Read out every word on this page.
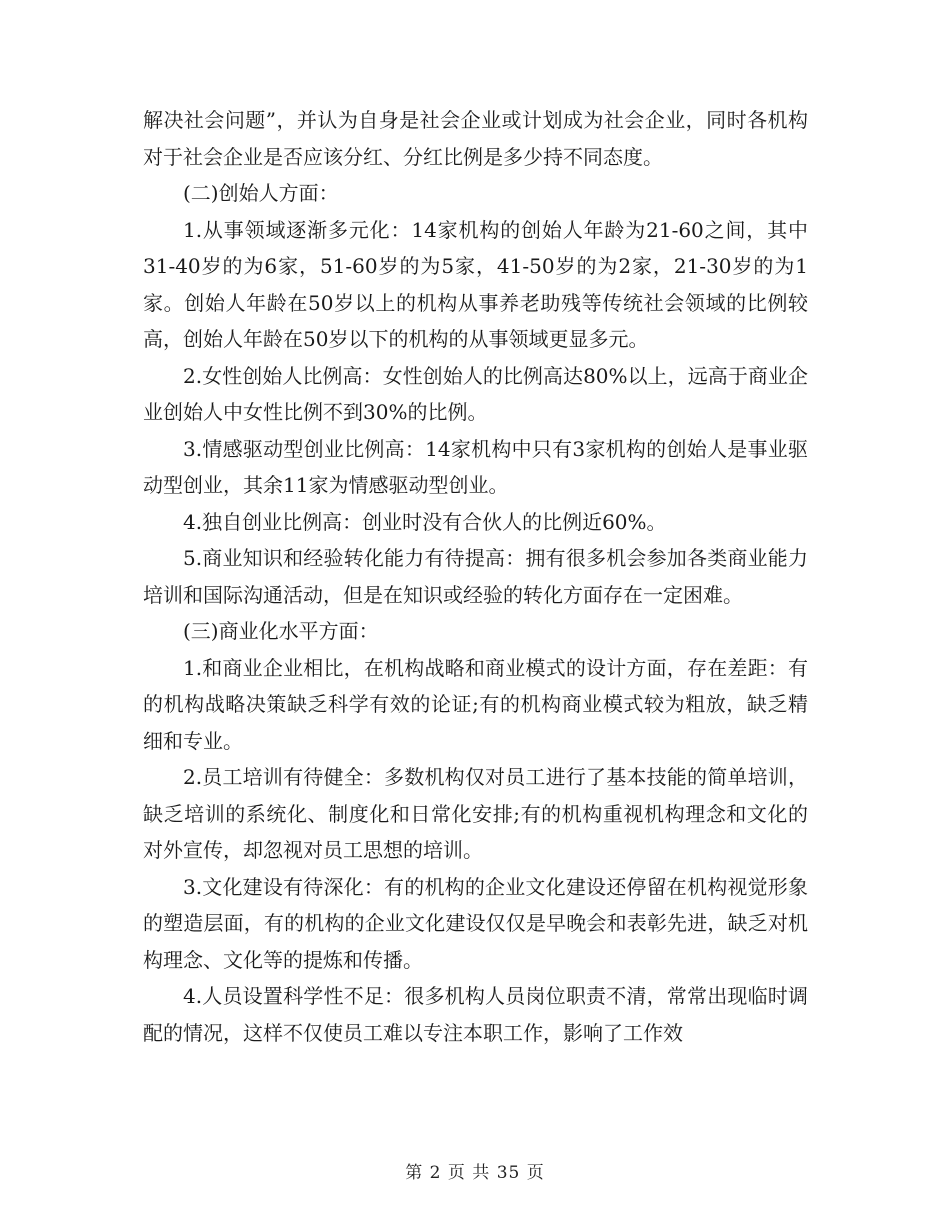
解决社会问题”，并认为自身是社会企业或计划成为社会企业，同时各机构对于社会企业是否应该分红、分红比例是多少持不同态度。

(二)创始人方面：

1.从事领域逐渐多元化：14家机构的创始人年龄为21-60之间，其中31-40岁的为6家，51-60岁的为5家，41-50岁的为2家，21-30岁的为1家。创始人年龄在50岁以上的机构从事养老助残等传统社会领域的比例较高，创始人年龄在50岁以下的机构的从事领域更显多元。

2.女性创始人比例高：女性创始人的比例高达80%以上，远高于商业企业创始人中女性比例不到30%的比例。

3.情感驱动型创业比例高：14家机构中只有3家机构的创始人是事业驱动型创业，其余11家为情感驱动型创业。

4.独自创业比例高：创业时没有合伙人的比例近60%。

5.商业知识和经验转化能力有待提高：拥有很多机会参加各类商业能力培训和国际沟通活动，但是在知识或经验的转化方面存在一定困难。

(三)商业化水平方面：

1.和商业企业相比，在机构战略和商业模式的设计方面，存在差距：有的机构战略决策缺乏科学有效的论证;有的机构商业模式较为粗放，缺乏精细和专业。

2.员工培训有待健全：多数机构仅对员工进行了基本技能的简单培训，缺乏培训的系统化、制度化和日常化安排;有的机构重视机构理念和文化的对外宣传，却忽视对员工思想的培训。

3.文化建设有待深化：有的机构的企业文化建设还停留在机构视觉形象的塑造层面，有的机构的企业文化建设仅仅是早晚会和表彰先进，缺乏对机构理念、文化等的提炼和传播。

4.人员设置科学性不足：很多机构人员岗位职责不清，常常出现临时调配的情况，这样不仅使员工难以专注本职工作，影响了工作效

第 2 页 共 35 页
